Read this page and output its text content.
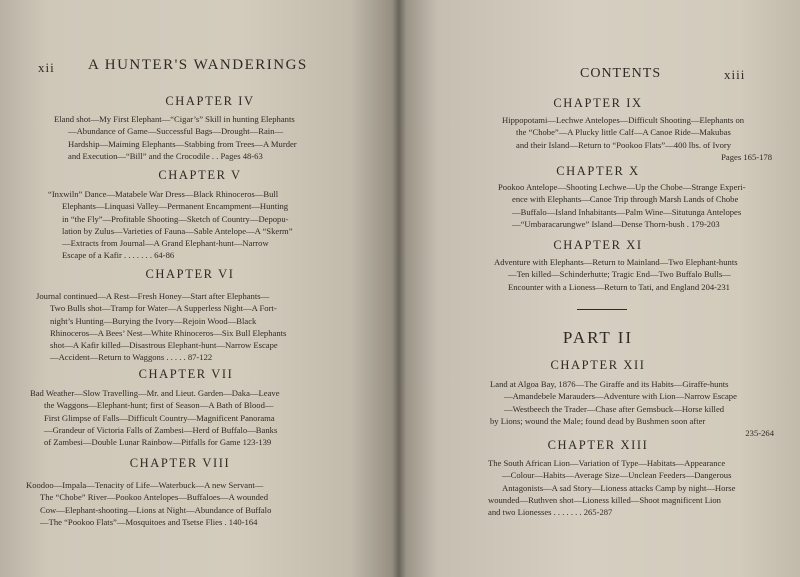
xii A HUNTER'S WANDERINGS
CHAPTER IV
Eland shot—My First Elephant—“Cigar’s” Skill in hunting Elephants
—Abundance of Game—Successful Bags—Drought—Rain—
Hardship—Maiming Elephants—Stabbing from Trees—A Murder
and Execution—“Bill” and the Crocodile . . Pages 48-63
CHAPTER V
“Inxwiln” Dance—Matabele War Dress—Black Rhinoceros—Bull
Elephants—Linquasi Valley—Permanent Encampment—Hunting
in “the Fly”—Profitable Shooting—Sketch of Country—Depopu-
lation by Zulus—Varieties of Fauna—Sable Antelope—A “Skerm”
—Extracts from Journal—A Grand Elephant-hunt—Narrow
Escape of a Kafir . . . . . . . 64-86
CHAPTER VI
Journal continued—A Rest—Fresh Honey—Start after Elephants—
Two Bulls shot—Tramp for Water—A Supperless Night—A Fort-
night’s Hunting—Burying the Ivory—Rejoin Wood—Black
Rhinoceros—A Bees’ Nest—White Rhinoceros—Six Bull Elephants
shot—A Kafir killed—Disastrous Elephant-hunt—Narrow Escape
—Accident—Return to Waggons . . . . . 87-122
CHAPTER VII
Bad Weather—Slow Travelling—Mr. and Lieut. Garden—Daka—Leave
the Waggons—Elephant-hunt; first of Season—A Bath of Blood—
First Glimpse of Falls—Difficult Country—Magnificent Panorama
—Grandeur of Victoria Falls of Zambesi—Herd of Buffalo—Banks
of Zambesi—Double Lunar Rainbow—Pitfalls for Game 123-139
CHAPTER VIII
Koodoo—Impala—Tenacity of Life—Waterbuck—A new Servant—
The “Chobe” River—Pookoo Antelopes—Buffaloes—A wounded
Cow—Elephant-shooting—Lions at Night—Abundance of Buffalo
—The “Pookoo Flats”—Mosquitoes and Tsetse Flies . 140-164
CONTENTS	xiii
CHAPTER IX
Hippopotami—Lechwe Antelopes—Difficult Shooting—Elephants on
the “Chobe”—A Plucky little Calf—A Canoe Ride—Makubas
and their Island—Return to “Pookoo Flats”—400 lbs. of Ivory
Pages 165-178
CHAPTER X
Pookoo Antelope—Shooting Lechwe—Up the Chobe—Strange Experi-
ence with Elephants—Canoe Trip through Marsh Lands of Chobe
—Buffalo—Island Inhabitants—Palm Wine—Situtunga Antelopes
—“Umbaracarungwe” Island—Dense Thorn-bush . 179-203
CHAPTER XI
Adventure with Elephants—Return to Mainland—Two Elephant-hunts
—Ten killed—Schinderhutte; Tragic End—Two Buffalo Bulls—
Encounter with a Lioness—Return to Tati, and England 204-231
PART II
CHAPTER XII
Land at Algoa Bay, 1876—The Giraffe and its Habits—Giraffe-hunts
—Amandebele Marauders—Adventure with Lion—Narrow Escape
—Westbeech the Trader—Chase after Gemsbuck—Horse killed
by Lions; wound the Male; found dead by Bushmen soon after
235-264
CHAPTER XIII
The South African Lion—Variation of Type—Habitats—Appearance
—Colour—Habits—Average Size—Unclean Feeders—Dangerous
Antagonists—A sad Story—Lioness attacks Camp by night—Horse
wounded—Ruthven shot—Lioness killed—Shoot magnificent Lion
and two Lionesses . . . . . . . 265-287
